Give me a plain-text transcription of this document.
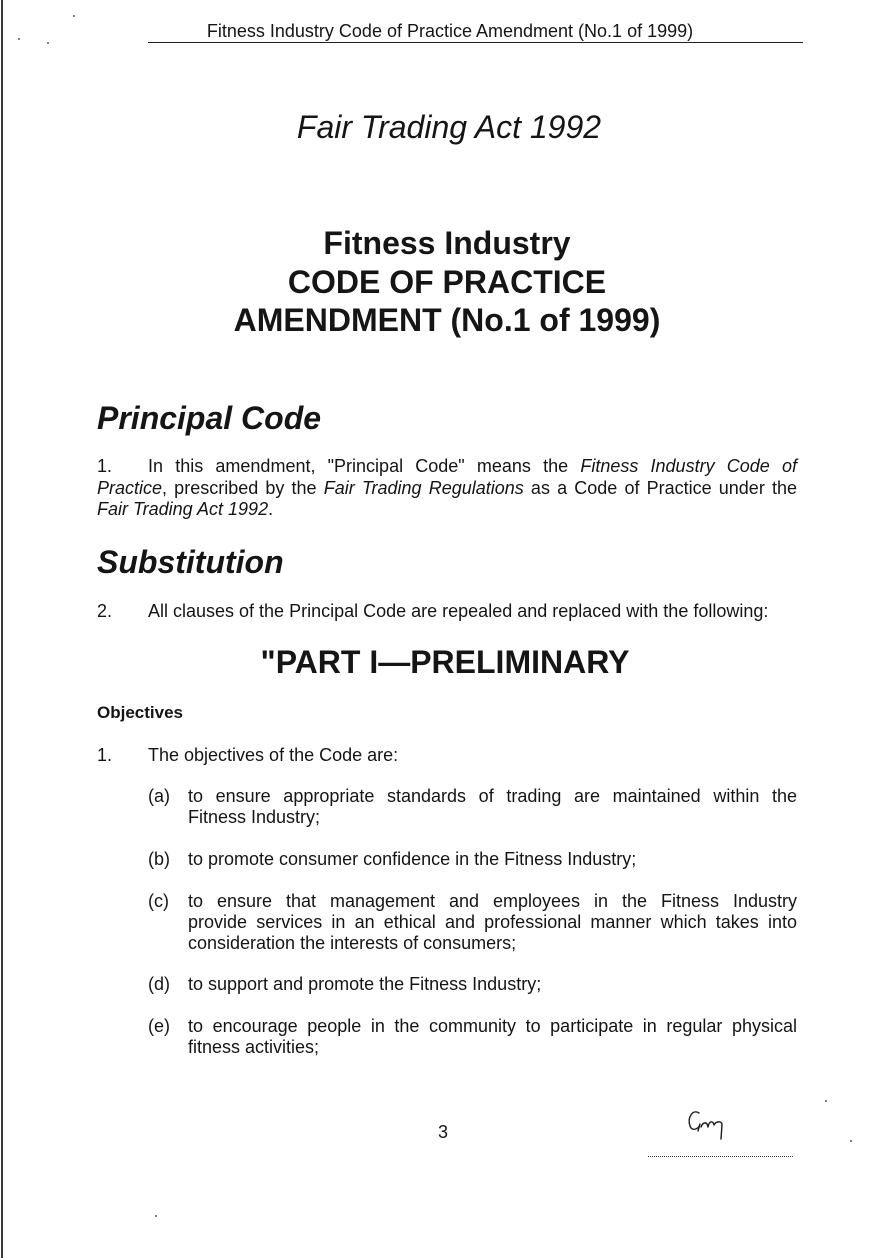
Fitness Industry Code of Practice Amendment (No.1 of 1999)
Fair Trading Act 1992
Fitness Industry
CODE OF PRACTICE
AMENDMENT (No.1 of 1999)
Principal Code
1. In this amendment, "Principal Code" means the Fitness Industry Code of
Practice, prescribed by the Fair Trading Regulations as a Code of Practice under the
Fair Trading Act 1992.
Substitution
2. All clauses of the Principal Code are repealed and replaced with the following:
"PART I—PRELIMINARY
Objectives
1. The objectives of the Code are:
(a)	to ensure appropriate standards of trading are maintained within the
Fitness Industry;
(b)	to promote consumer confidence in the Fitness Industry;
(c)	to ensure that management and employees in the Fitness Industry
provide services in an ethical and professional manner which takes into
consideration the interests of consumers;
(d)	to support and promote the Fitness Industry;
(e)	to encourage people in the community to participate in regular physical
fitness activities;
3
